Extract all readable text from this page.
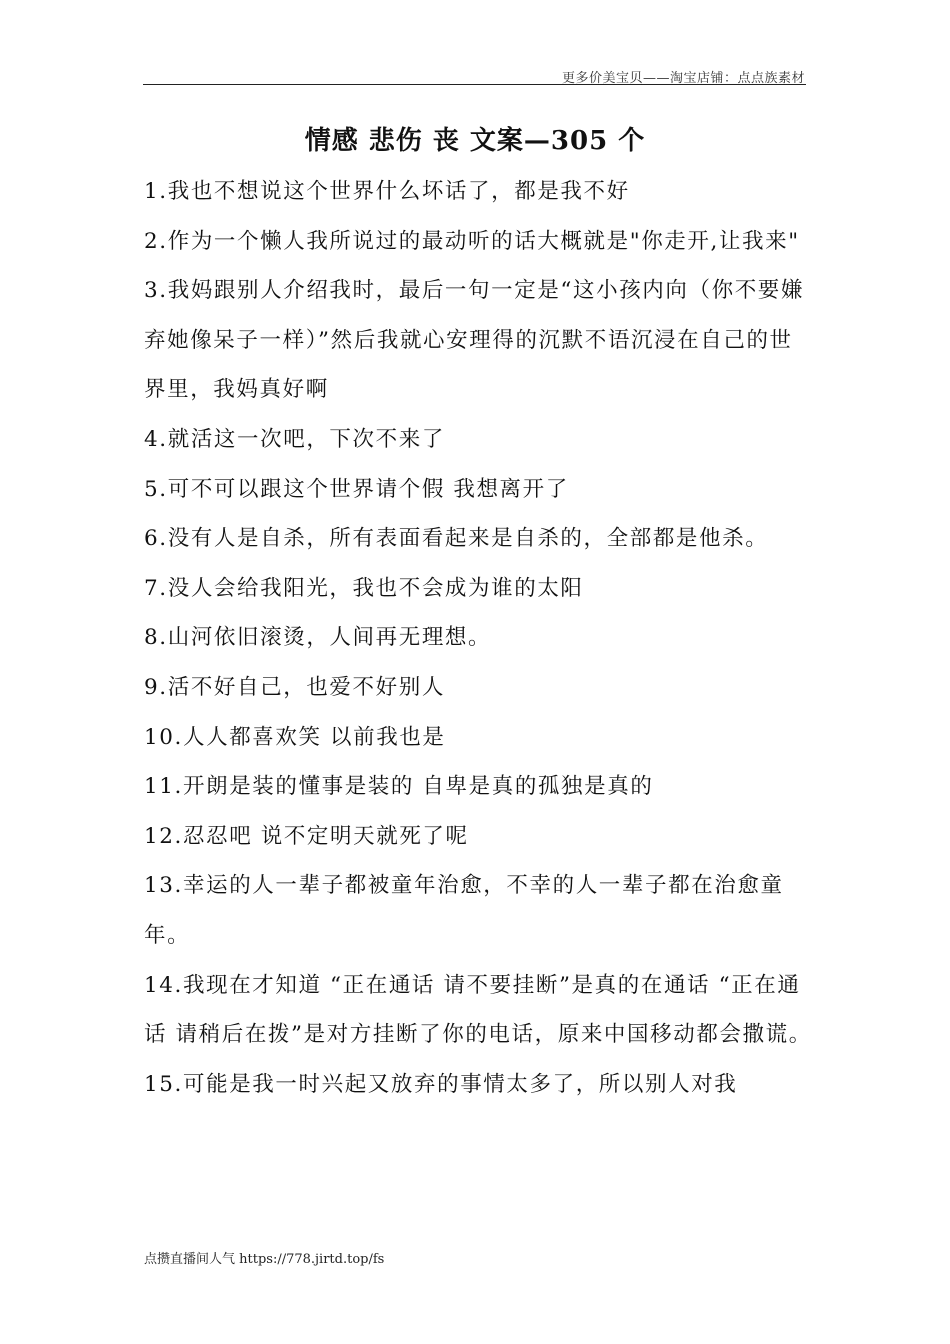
更多价美宝贝——淘宝店铺：点点族素材
情感 悲伤 丧 文案—305 个

1.我也不想说这个世界什么坏话了，都是我不好

2.作为一个懒人我所说过的最动听的话大概就是"你走开,让我来"

3.我妈跟别人介绍我时，最后一句一定是“这小孩内向（你不要嫌弃她像呆子一样）”然后我就心安理得的沉默不语沉浸在自己的世界里，我妈真好啊

4.就活这一次吧，下次不来了

5.可不可以跟这个世界请个假 我想离开了

6.没有人是自杀，所有表面看起来是自杀的，全部都是他杀。

7.没人会给我阳光，我也不会成为谁的太阳

8.山河依旧滚烫，人间再无理想。

9.活不好自己，也爱不好别人

10.人人都喜欢笑 以前我也是

11.开朗是装的懂事是装的 自卑是真的孤独是真的

12.忍忍吧 说不定明天就死了呢

13.幸运的人一辈子都被童年治愈，不幸的人一辈子都在治愈童年。

14.我现在才知道 “正在通话 请不要挂断”是真的在通话 “正在通话 请稍后在拨”是对方挂断了你的电话，原来中国移动都会撒谎。

15.可能是我一时兴起又放弃的事情太多了，所以别人对我

点攒直播间人气 https://778.jirtd.top/fs
